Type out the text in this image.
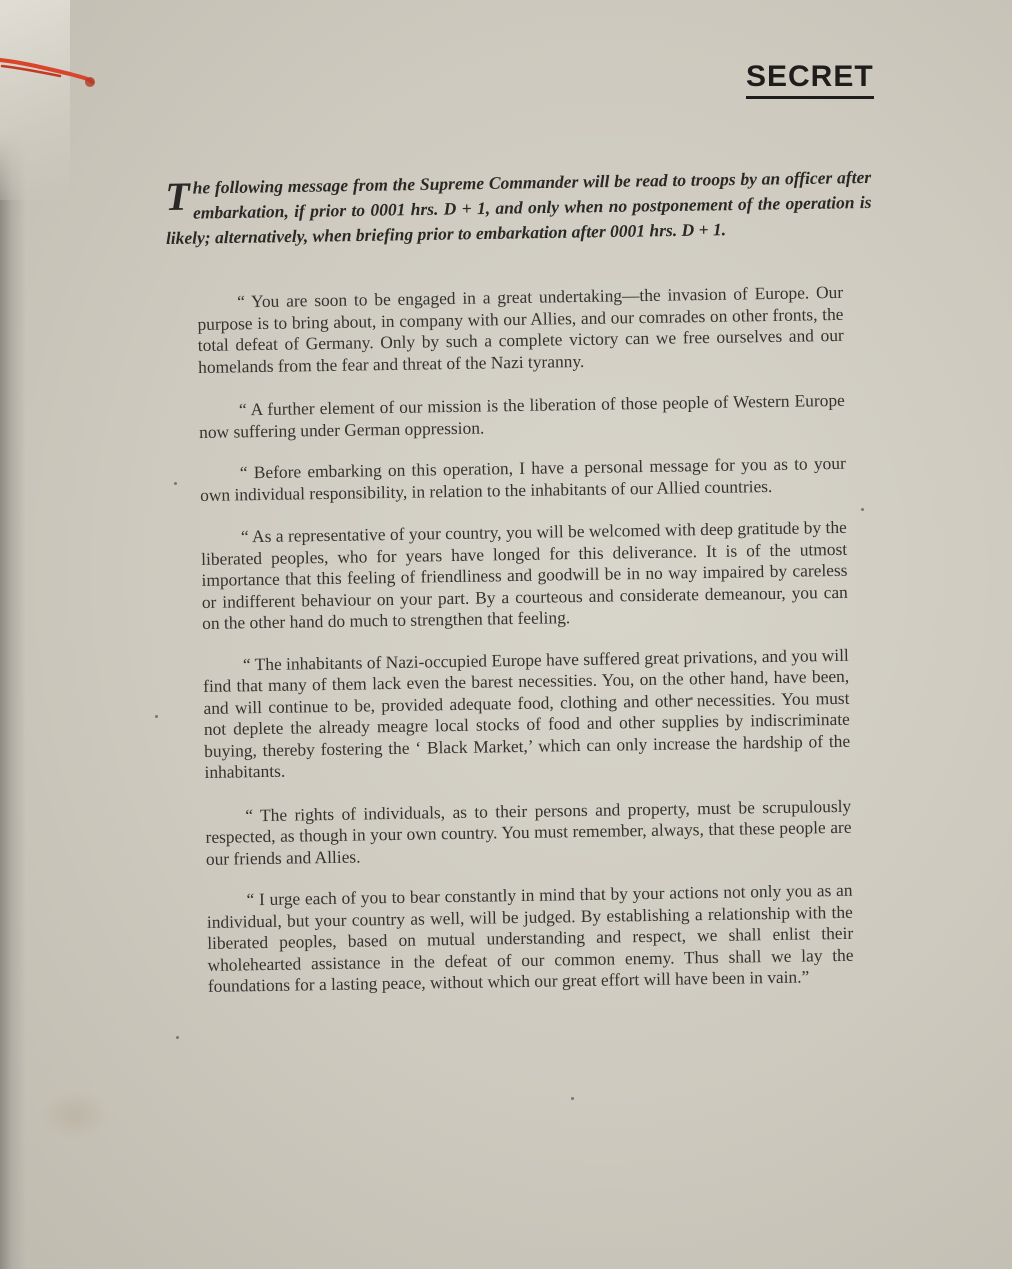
SECRET
The following message from the Supreme Commander will be read to troops by an officer after embarkation, if prior to 0001 hrs. D + 1, and only when no postponement of the operation is likely; alternatively, when briefing prior to embarkation after 0001 hrs. D + 1.

“ You are soon to be engaged in a great undertaking—the invasion of Europe. Our purpose is to bring about, in company with our Allies, and our comrades on other fronts, the total defeat of Germany. Only by such a complete victory can we free ourselves and our homelands from the fear and threat of the Nazi tyranny.

“ A further element of our mission is the liberation of those people of Western Europe now suffering under German oppression.

“ Before embarking on this operation, I have a personal message for you as to your own individual responsibility, in relation to the inhabitants of our Allied countries.

“ As a representative of your country, you will be welcomed with deep gratitude by the liberated peoples, who for years have longed for this deliverance. It is of the utmost importance that this feeling of friendliness and goodwill be in no way impaired by careless or indifferent behaviour on your part. By a courteous and considerate demeanour, you can on the other hand do much to strengthen that feeling.

“ The inhabitants of Nazi-occupied Europe have suffered great privations, and you will find that many of them lack even the barest necessities. You, on the other hand, have been, and will continue to be, provided adequate food, clothing and other necessities. You must not deplete the already meagre local stocks of food and other supplies by indiscriminate buying, thereby fostering the ‘ Black Market,’ which can only increase the hardship of the inhabitants.

“ The rights of individuals, as to their persons and property, must be scrupulously respected, as though in your own country. You must remember, always, that these people are our friends and Allies.

“ I urge each of you to bear constantly in mind that by your actions not only you as an individual, but your country as well, will be judged. By establishing a relationship with the liberated peoples, based on mutual understanding and respect, we shall enlist their wholehearted assistance in the defeat of our common enemy. Thus shall we lay the foundations for a lasting peace, without which our great effort will have been in vain.”
